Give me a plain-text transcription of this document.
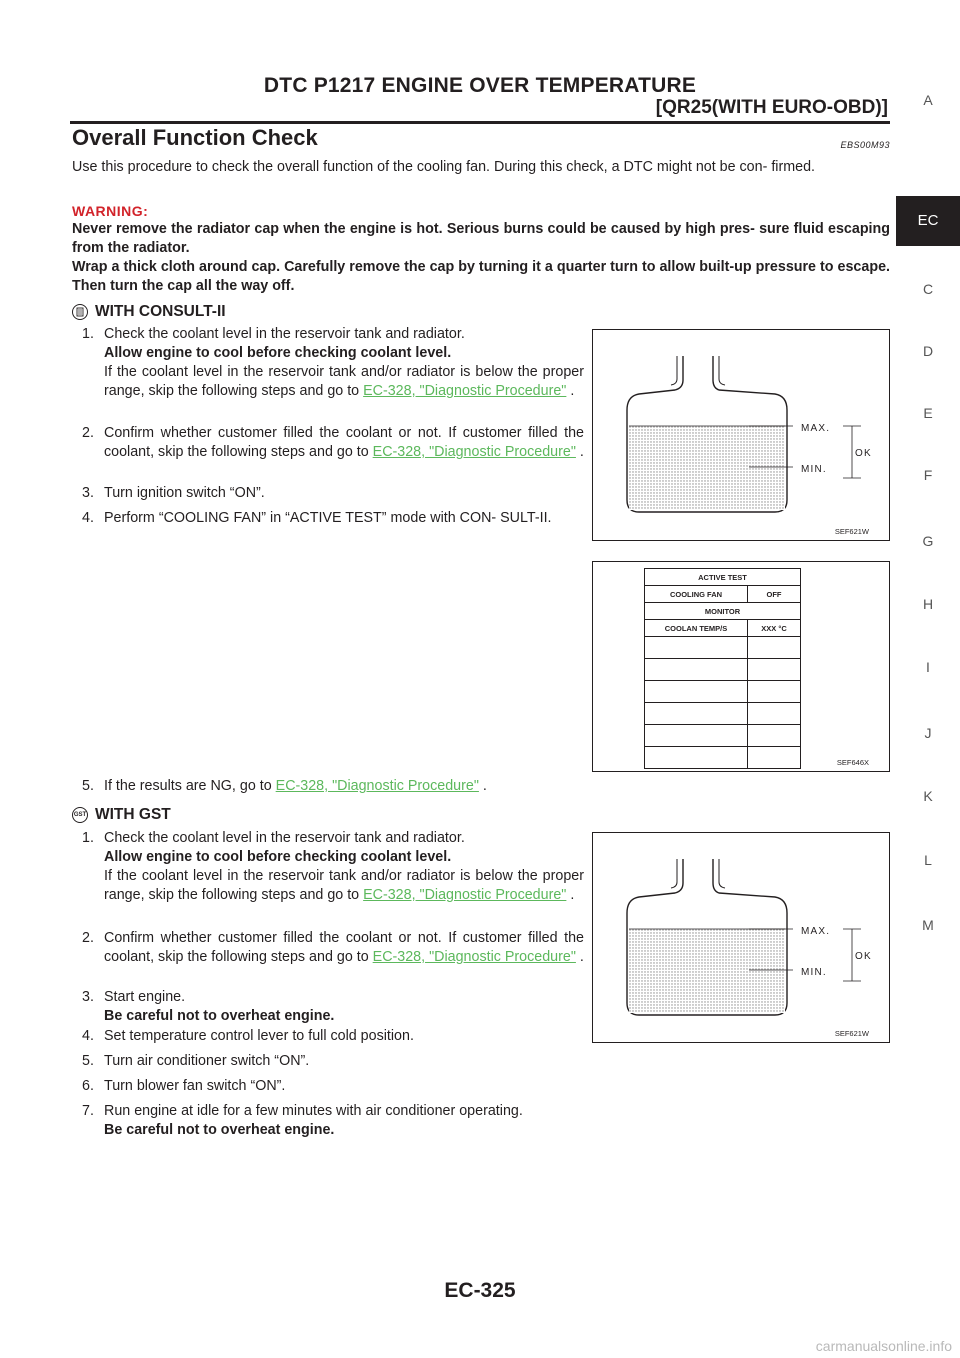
DTC P1217 ENGINE OVER TEMPERATURE
[QR25(WITH EURO-OBD)]
Overall Function Check	EBS00M93
Use this procedure to check the overall function of the cooling fan. During this check, a DTC might not be con- firmed.
WARNING:
Never remove the radiator cap when the engine is hot. Serious burns could be caused by high pres- sure fluid escaping from the radiator.
Wrap a thick cloth around cap. Carefully remove the cap by turning it a quarter turn to allow built-up pressure to escape. Then turn the cap all the way off.
WITH CONSULT-II
1. Check the coolant level in the reservoir tank and radiator.
Allow engine to cool before checking coolant level.
If the coolant level in the reservoir tank and/or radiator is below the proper range, skip the following steps and go to EC-328, "Diagnostic Procedure" .
2. Confirm whether customer filled the coolant or not. If customer filled the coolant, skip the following steps and go to EC-328, "Diagnostic Procedure" .
3. Turn ignition switch “ON”.
4. Perform “COOLING FAN” in “ACTIVE TEST” mode with CON- SULT-II.
5. If the results are NG, go to EC-328, "Diagnostic Procedure" .
GST WITH GST
1. Check the coolant level in the reservoir tank and radiator.
Allow engine to cool before checking coolant level.
If the coolant level in the reservoir tank and/or radiator is below the proper range, skip the following steps and go to EC-328, "Diagnostic Procedure" .
2. Confirm whether customer filled the coolant or not. If customer filled the coolant, skip the following steps and go to EC-328, "Diagnostic Procedure" .
3. Start engine.
Be careful not to overheat engine.
4. Set temperature control lever to full cold position.
5. Turn air conditioner switch “ON”.
6. Turn blower fan switch “ON”.
7. Run engine at idle for a few minutes with air conditioner operating.
Be careful not to overheat engine.
MAX.
MIN.
OK
SEF621W
ACTIVE TEST	
COOLING FAN	OFF
MONITOR	
COOLAN TEMP/S	XXX °C

SEF646X
MAX.
MIN.
OK
SEF621W
A
EC
C
D
E
F
G
H
I
J
K
L
M
EC-325
carmanualsonline.info
